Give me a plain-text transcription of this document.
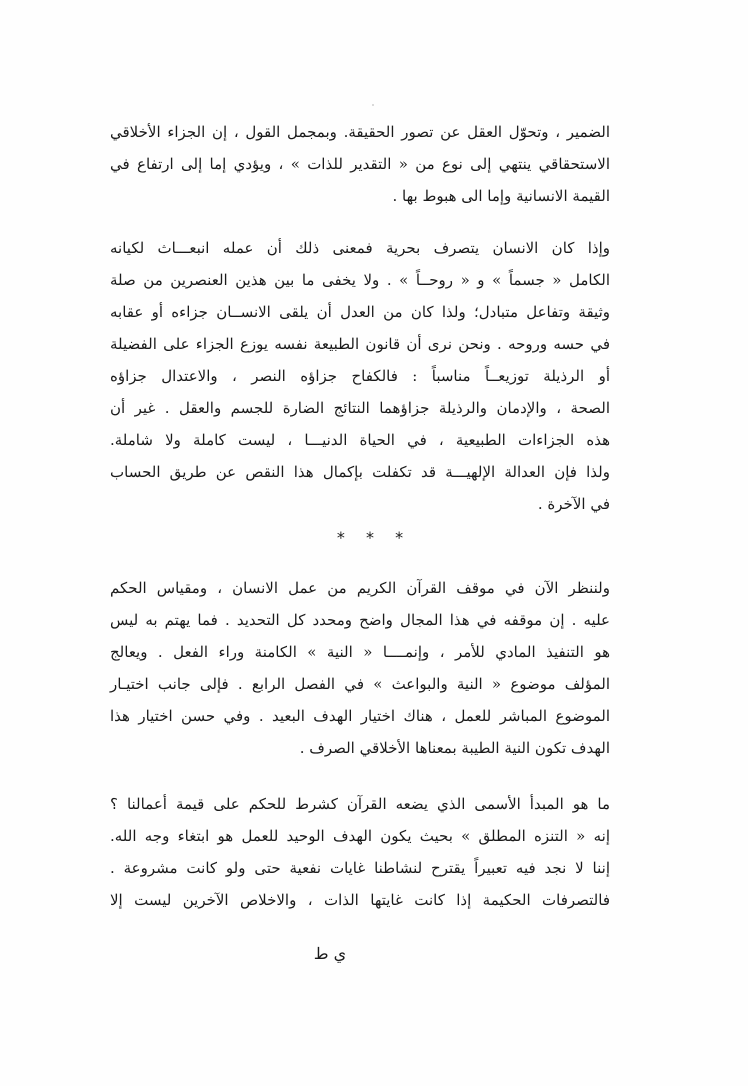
الضمير ، وتحوّل العقل عن تصور الحقيقة. وبمجمل القول ، إن الجزاء الأخلاقي
الاستحقاقي ينتهي إلى نوع من « التقدير للذات » ، ويؤدي إما إلى ارتفاع في
القيمة الانسانية وإما الى هبوط بها .
وإذا كان الانسان يتصرف بحرية فمعنى ذلك أن عمله انبعـــاث لكيانه
الكامل « جسماً » و « روحــاً » . ولا يخفى ما بين هذين العنصرين من صلة
وثيقة وتفاعل متبادل؛ ولذا كان من العدل أن يلقى الانســان جزاءه أو عقابه
في حسه وروحه . ونحن نرى أن قانون الطبيعة نفسه يوزع الجزاء على الفضيلة
أو الرذيلة توزيعــاً مناسباً : فالكفاح جزاؤه النصر ، والاعتدال جزاؤه
الصحة ، والإدمان والرذيلة جزاؤهما النتائج الضارة للجسم والعقل . غير أن
هذه الجزاءات الطبيعية ، في الحياة الدنيـــا ، ليست كاملة ولا شاملة.
ولذا فإن العدالة الإلهيـــة قد تكفلت بإكمال هذا النقص عن طريق الحساب
في الآخرة .
* * *
ولننظر الآن في موقف القرآن الكريم من عمل الانسان ، ومقياس الحكم
عليه . إن موقفه في هذا المجال واضح ومحدد كل التحديد . فما يهتم به ليس
هو التنفيذ المادي للأمر ، وإنمــــا « النية » الكامنة وراء الفعل . ويعالج
المؤلف موضوع « النية والبواعث » في الفصل الرابع . فإلى جانب اختيـار
الموضوع المباشر للعمل ، هناك اختيار الهدف البعيد . وفي حسن اختيار هذا
الهدف تكون النية الطيبة بمعناها الأخلاقي الصرف .
ما هو المبدأ الأسمى الذي يضعه القرآن كشرط للحكم على قيمة أعمالنا ؟
إنه « التنزه المطلق » بحيث يكون الهدف الوحيد للعمل هو ابتغاء وجه الله.
إننا لا نجد فيه تعبيراً يقترح لنشاطنا غايات نفعية حتى ولو كانت مشروعة .
فالتصرفات الحكيمة إذا كانت غايتها الذات ، والاخلاص الآخرين ليست إلا
ي ط
